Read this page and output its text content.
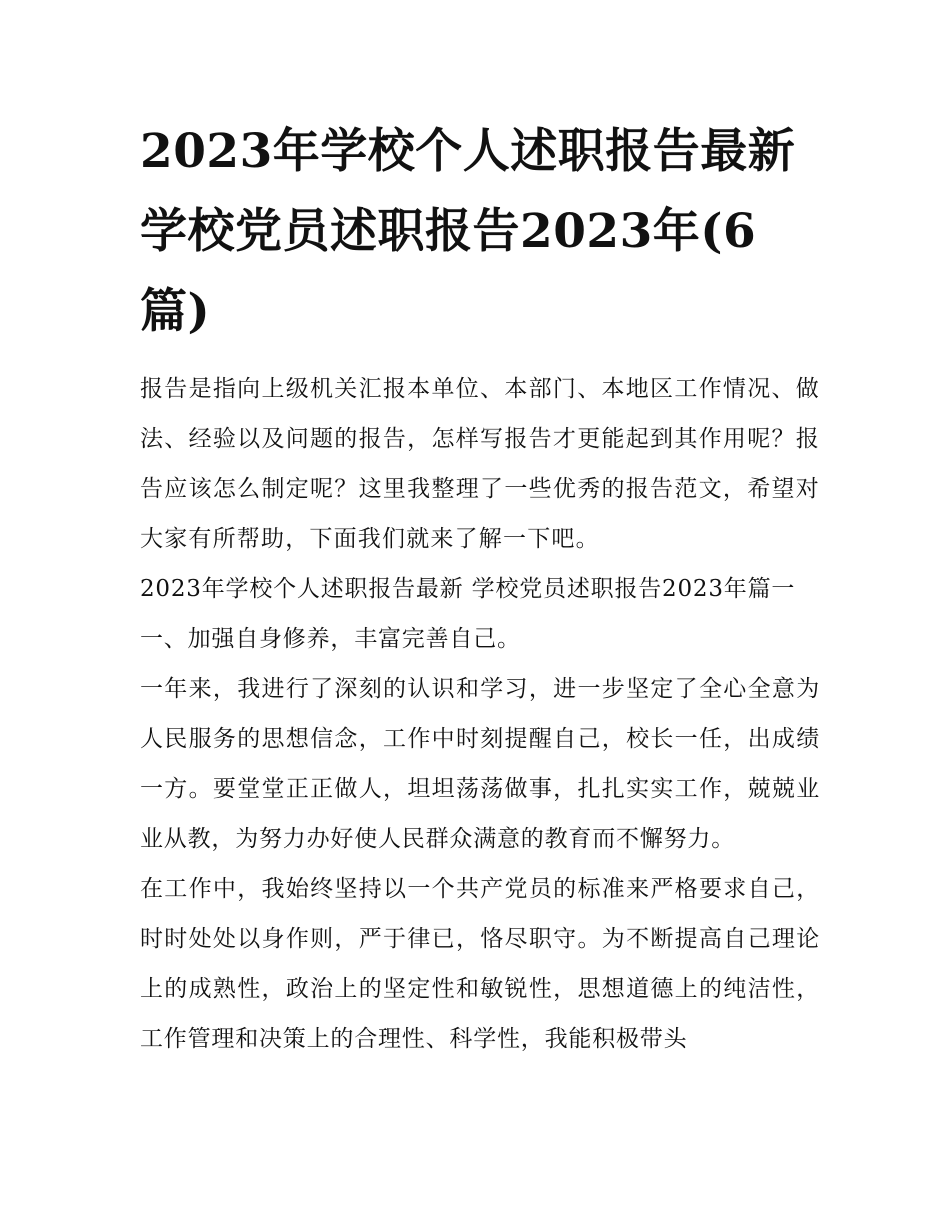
2023年学校个人述职报告最新 学校党员述职报告2023年(6篇)

报告是指向上级机关汇报本单位、本部门、本地区工作情况、做法、经验以及问题的报告，怎样写报告才更能起到其作用呢？报告应该怎么制定呢？这里我整理了一些优秀的报告范文，希望对大家有所帮助，下面我们就来了解一下吧。

2023年学校个人述职报告最新 学校党员述职报告2023年篇一

一、加强自身修养，丰富完善自己。

一年来，我进行了深刻的认识和学习，进一步坚定了全心全意为人民服务的思想信念，工作中时刻提醒自己，校长一任，出成绩一方。要堂堂正正做人，坦坦荡荡做事，扎扎实实工作，兢兢业业从教，为努力办好使人民群众满意的教育而不懈努力。

在工作中，我始终坚持以一个共产党员的标准来严格要求自己，时时处处以身作则，严于律已，恪尽职守。为不断提高自己理论上的成熟性，政治上的坚定性和敏锐性，思想道德上的纯洁性，工作管理和决策上的合理性、科学性，我能积极带头
